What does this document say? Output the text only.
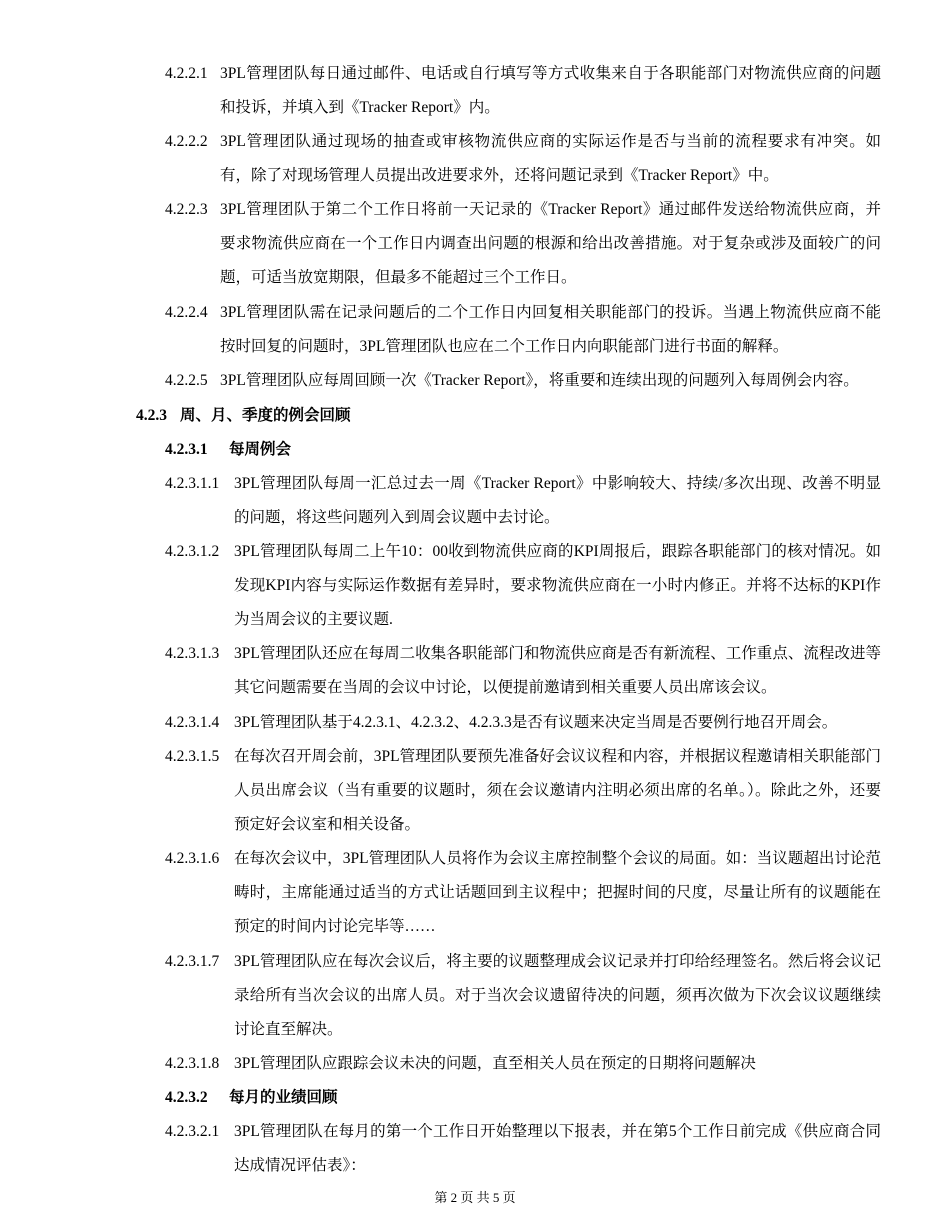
4.2.2.1 3PL管理团队每日通过邮件、电话或自行填写等方式收集来自于各职能部门对物流供应商的问题和投诉，并填入到《Tracker Report》内。
4.2.2.2 3PL管理团队通过现场的抽查或审核物流供应商的实际运作是否与当前的流程要求有冲突。如有，除了对现场管理人员提出改进要求外，还将问题记录到《Tracker Report》中。
4.2.2.3 3PL管理团队于第二个工作日将前一天记录的《Tracker Report》通过邮件发送给物流供应商，并要求物流供应商在一个工作日内调查出问题的根源和给出改善措施。对于复杂或涉及面较广的问题，可适当放宽期限，但最多不能超过三个工作日。
4.2.2.4 3PL管理团队需在记录问题后的二个工作日内回复相关职能部门的投诉。当遇上物流供应商不能按时回复的问题时，3PL管理团队也应在二个工作日内向职能部门进行书面的解释。
4.2.2.5 3PL管理团队应每周回顾一次《Tracker Report》，将重要和连续出现的问题列入每周例会内容。
4.2.3 周、月、季度的例会回顾
4.2.3.1 每周例会
4.2.3.1.1 3PL管理团队每周一汇总过去一周《Tracker Report》中影响较大、持续/多次出现、改善不明显的问题，将这些问题列入到周会议题中去讨论。
4.2.3.1.2 3PL管理团队每周二上午10：00收到物流供应商的KPI周报后，跟踪各职能部门的核对情况。如发现KPI内容与实际运作数据有差异时，要求物流供应商在一小时内修正。并将不达标的KPI作为当周会议的主要议题.
4.2.3.1.3 3PL管理团队还应在每周二收集各职能部门和物流供应商是否有新流程、工作重点、流程改进等其它问题需要在当周的会议中讨论，以便提前邀请到相关重要人员出席该会议。
4.2.3.1.4 3PL管理团队基于4.2.3.1、4.2.3.2、4.2.3.3是否有议题来决定当周是否要例行地召开周会。
4.2.3.1.5 在每次召开周会前，3PL管理团队要预先准备好会议议程和内容，并根据议程邀请相关职能部门人员出席会议（当有重要的议题时，须在会议邀请内注明必须出席的名单。）。除此之外，还要预定好会议室和相关设备。
4.2.3.1.6 在每次会议中，3PL管理团队人员将作为会议主席控制整个会议的局面。如：当议题超出讨论范畴时，主席能通过适当的方式让话题回到主议程中；把握时间的尺度，尽量让所有的议题能在预定的时间内讨论完毕等……
4.2.3.1.7 3PL管理团队应在每次会议后，将主要的议题整理成会议记录并打印给经理签名。然后将会议记录给所有当次会议的出席人员。对于当次会议遗留待决的问题，须再次做为下次会议议题继续讨论直至解决。
4.2.3.1.8 3PL管理团队应跟踪会议未决的问题，直至相关人员在预定的日期将问题解决
4.2.3.2 每月的业绩回顾
4.2.3.2.1 3PL管理团队在每月的第一个工作日开始整理以下报表，并在第5个工作日前完成《供应商合同达成情况评估表》：
第 2 页 共 5 页
